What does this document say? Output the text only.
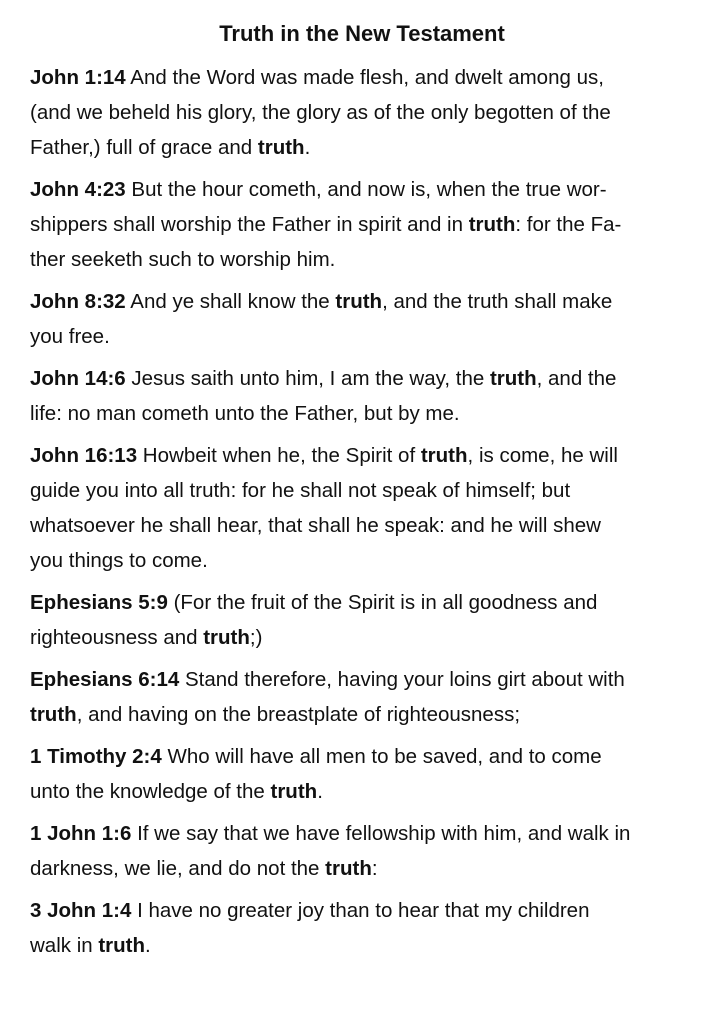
Truth in the New Testament

John 1:14 And the Word was made flesh, and dwelt among us,
(and we beheld his glory, the glory as of the only begotten of the
Father,) full of grace and truth.

John 4:23 But the hour cometh, and now is, when the true wor-
shippers shall worship the Father in spirit and in truth: for the Fa-
ther seeketh such to worship him.

John 8:32 And ye shall know the truth, and the truth shall make
you free.

John 14:6 Jesus saith unto him, I am the way, the truth, and the
life: no man cometh unto the Father, but by me.

John 16:13 Howbeit when he, the Spirit of truth, is come, he will
guide you into all truth: for he shall not speak of himself; but
whatsoever he shall hear, that shall he speak: and he will shew
you things to come.

Ephesians 5:9 (For the fruit of the Spirit is in all goodness and
righteousness and truth;)

Ephesians 6:14 Stand therefore, having your loins girt about with
truth, and having on the breastplate of righteousness;

1 Timothy 2:4 Who will have all men to be saved, and to come
unto the knowledge of the truth.

1 John 1:6 If we say that we have fellowship with him, and walk in
darkness, we lie, and do not the truth:

3 John 1:4 I have no greater joy than to hear that my children
walk in truth.
